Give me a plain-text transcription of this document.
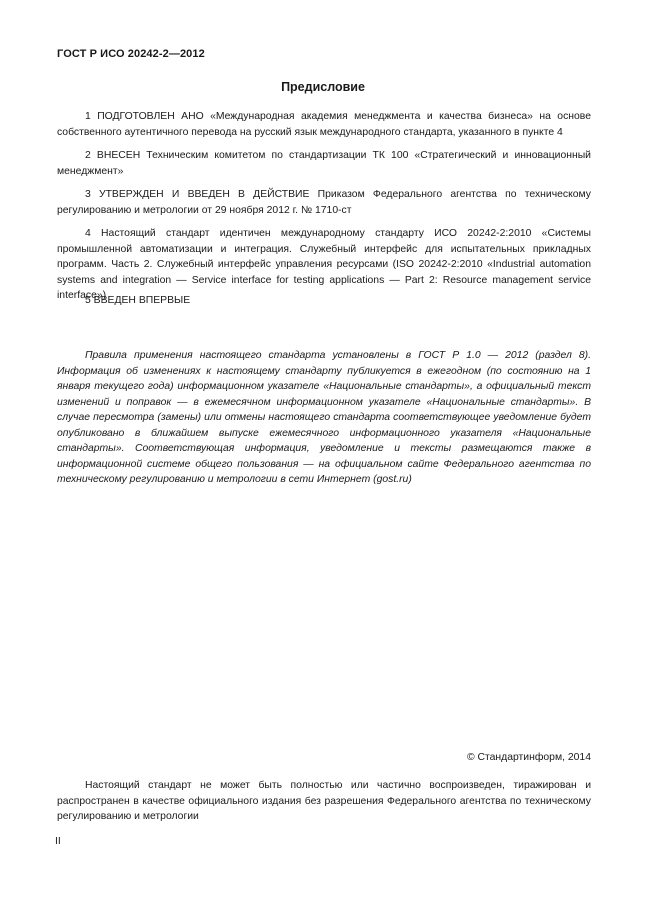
ГОСТ Р ИСО 20242-2—2012
Предисловие

1 ПОДГОТОВЛЕН АНО «Международная академия менеджмента и качества бизнеса» на основе собственного аутентичного перевода на русский язык международного стандарта, указанного в пункте 4

2 ВНЕСЕН Техническим комитетом по стандартизации ТК 100 «Стратегический и инновационный менеджмент»

3 УТВЕРЖДЕН И ВВЕДЕН В ДЕЙСТВИЕ Приказом Федерального агентства по техническому регулированию и метрологии от 29 ноября 2012 г. № 1710-ст

4 Настоящий стандарт идентичен международному стандарту ИСО 20242-2:2010 «Системы промышленной автоматизации и интеграция. Служебный интерфейс для испытательных прикладных программ. Часть 2. Служебный интерфейс управления ресурсами (ISO 20242-2:2010 «Industrial automation systems and integration — Service interface for testing applications — Part 2: Resource management service interface»)

5 ВВЕДЕН ВПЕРВЫЕ

Правила применения настоящего стандарта установлены в ГОСТ Р 1.0 — 2012 (раздел 8). Информация об изменениях к настоящему стандарту публикуется в ежегодном (по состоянию на 1 января текущего года) информационном указателе «Национальные стандарты», а официальный текст изменений и поправок — в ежемесячном информационном указателе «Национальные стандарты». В случае пересмотра (замены) или отмены настоящего стандарта соответствующее уведомление будет опубликовано в ближайшем выпуске ежемесячного информационного указателя «Национальные стандарты». Соответствующая информация, уведомление и тексты размещаются также в информационной системе общего пользования — на официальном сайте Федерального агентства по техническому регулированию и метрологии в сети Интернет (gost.ru)

© Стандартинформ, 2014

Настоящий стандарт не может быть полностью или частично воспроизведен, тиражирован и распространен в качестве официального издания без разрешения Федерального агентства по техническому регулированию и метрологии

II
